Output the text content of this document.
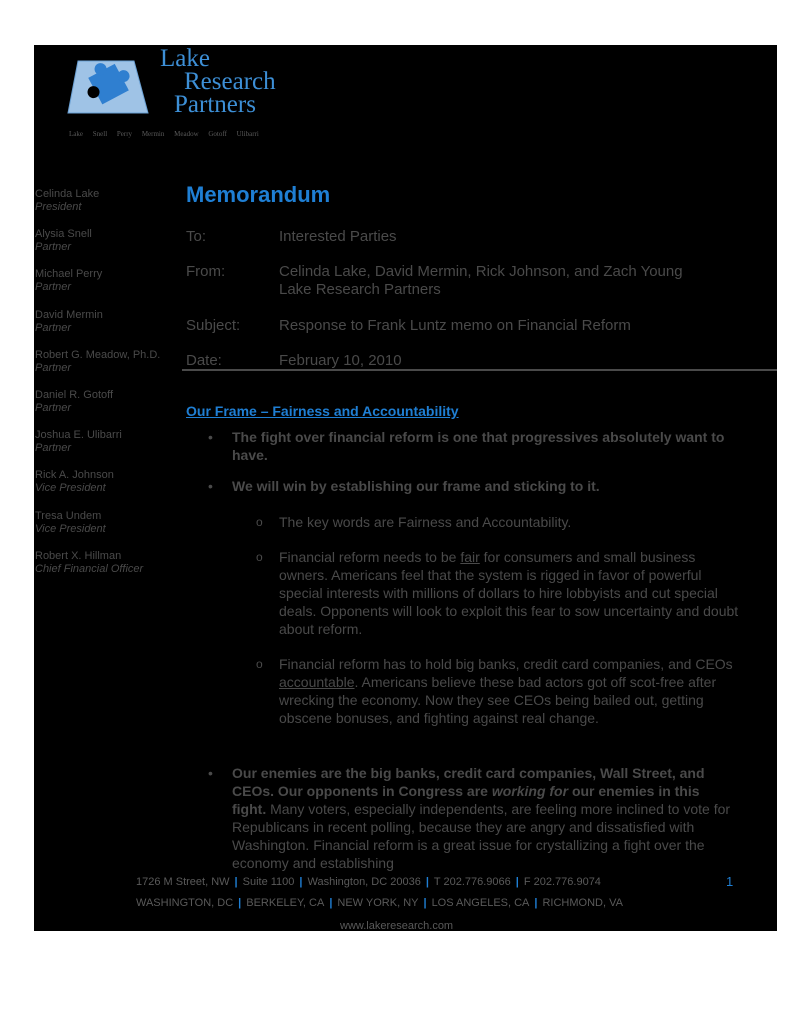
Lake
Research
Partners
Lake Snell Perry Mermin Meadow Gotoff Ulibarri
Celinda Lake
President
Alysia Snell
Partner
Michael Perry
Partner
David Mermin
Partner
Robert G. Meadow, Ph.D.
Partner
Daniel R. Gotoff
Partner
Joshua E. Ulibarri
Partner
Rick A. Johnson
Vice President
Tresa Undem
Vice President
Robert X. Hillman
Chief Financial Officer
Memorandum
To:	Interested Parties
From:	Celinda Lake, David Mermin, Rick Johnson, and Zach Young
Lake Research Partners
Subject:	Response to Frank Luntz memo on Financial Reform
Date:	February 10, 2010
Our Frame – Fairness and Accountability
• The fight over financial reform is one that progressives absolutely want to have.
• We will win by establishing our frame and sticking to it.
o The key words are Fairness and Accountability.
o Financial reform needs to be fair for consumers and small business owners. Americans feel that the system is rigged in favor of powerful special interests with millions of dollars to hire lobbyists and cut special deals. Opponents will look to exploit this fear to sow uncertainty and doubt about reform.
o Financial reform has to hold big banks, credit card companies, and CEOs accountable. Americans believe these bad actors got off scot-free after wrecking the economy. Now they see CEOs being bailed out, getting obscene bonuses, and fighting against real change.
• Our enemies are the big banks, credit card companies, Wall Street, and CEOs. Our opponents in Congress are working for our enemies in this fight. Many voters, especially independents, are feeling more inclined to vote for Republicans in recent polling, because they are angry and dissatisfied with Washington. Financial reform is a great issue for crystallizing a fight over the economy and establishing
1726 M Street, NW | Suite 1100 | Washington, DC 20036 | T 202.776.9066 | F 202.776.9074	1
WASHINGTON, DC | BERKELEY, CA | NEW YORK, NY | LOS ANGELES, CA | RICHMOND, VA
www.lakeresearch.com
